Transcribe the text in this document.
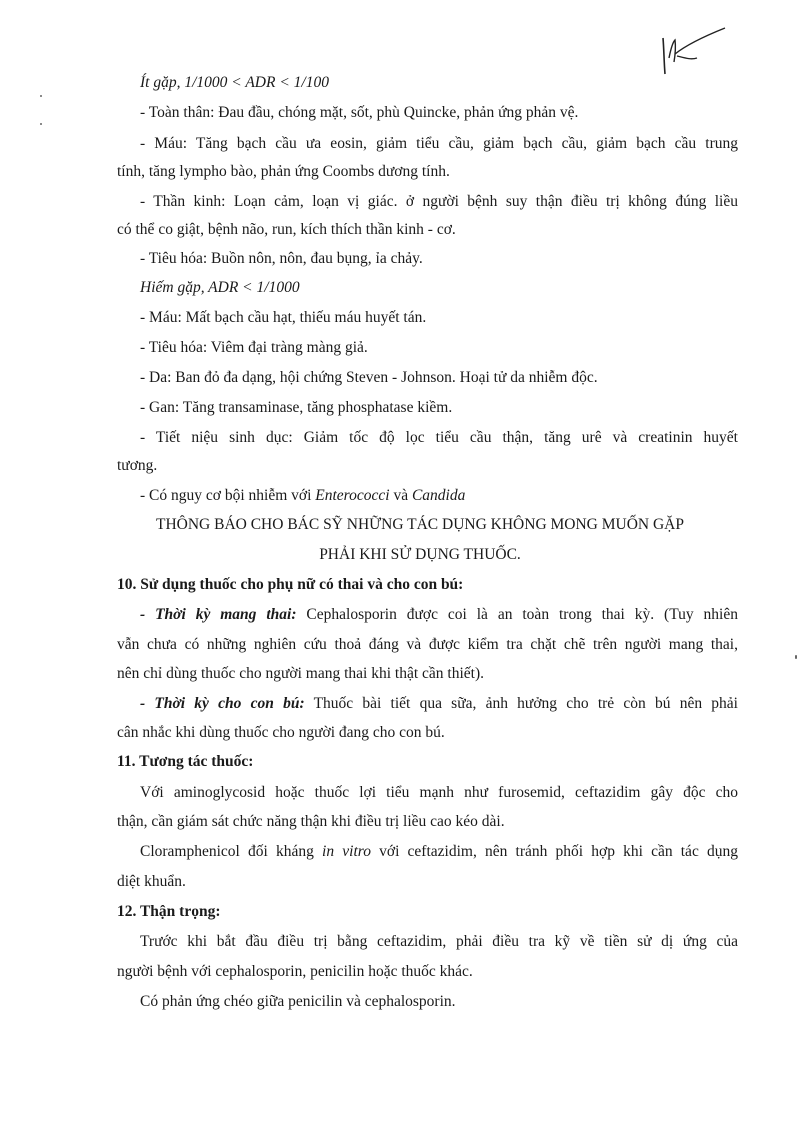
Ít gặp, 1/1000 < ADR < 1/100
- Toàn thân: Đau đầu, chóng mặt, sốt, phù Quincke, phản ứng phản vệ.
- Máu: Tăng bạch cầu ưa eosin, giảm tiểu cầu, giảm bạch cầu, giảm bạch cầu trung
tính, tăng lympho bào, phản ứng Coombs dương tính.
- Thần kinh: Loạn cảm, loạn vị giác. ở người bệnh suy thận điều trị không đúng liều
có thể co giật, bệnh não, run, kích thích thần kinh - cơ.
- Tiêu hóa: Buồn nôn, nôn, đau bụng, ỉa chảy.
Hiếm gặp, ADR < 1/1000
- Máu: Mất bạch cầu hạt, thiếu máu huyết tán.
- Tiêu hóa: Viêm đại tràng màng giả.
- Da: Ban đỏ đa dạng, hội chứng Steven - Johnson. Hoại tử da nhiễm độc.
- Gan: Tăng transaminase, tăng phosphatase kiềm.
- Tiết niệu sinh dục: Giảm tốc độ lọc tiểu cầu thận, tăng urê và creatinin huyết
tương.
- Có nguy cơ bội nhiễm với Enterococci và Candida
THÔNG BÁO CHO BÁC SỸ NHỮNG TÁC DỤNG KHÔNG MONG MUỐN GẶP
PHẢI KHI SỬ DỤNG THUỐC.
10. Sử dụng thuốc cho phụ nữ có thai và cho con bú:
- Thời kỳ mang thai: Cephalosporin được coi là an toàn trong thai kỳ. (Tuy nhiên
vẫn chưa có những nghiên cứu thoả đáng và được kiểm tra chặt chẽ trên người mang thai,
nên chỉ dùng thuốc cho người mang thai khi thật cần thiết).
- Thời kỳ cho con bú: Thuốc bài tiết qua sữa, ảnh hưởng cho trẻ còn bú nên phải
cân nhắc khi dùng thuốc cho người đang cho con bú.
11. Tương tác thuốc:
Với aminoglycosid hoặc thuốc lợi tiểu mạnh như furosemid, ceftazidim gây độc cho
thận, cần giám sát chức năng thận khi điều trị liều cao kéo dài.
Cloramphenicol đối kháng in vitro với ceftazidim, nên tránh phối hợp khi cần tác dụng
diệt khuẩn.
12. Thận trọng:
Trước khi bắt đầu điều trị bằng ceftazidim, phải điều tra kỹ về tiền sử dị ứng của
người bệnh với cephalosporin, penicilin hoặc thuốc khác.
Có phản ứng chéo giữa penicilin và cephalosporin.
